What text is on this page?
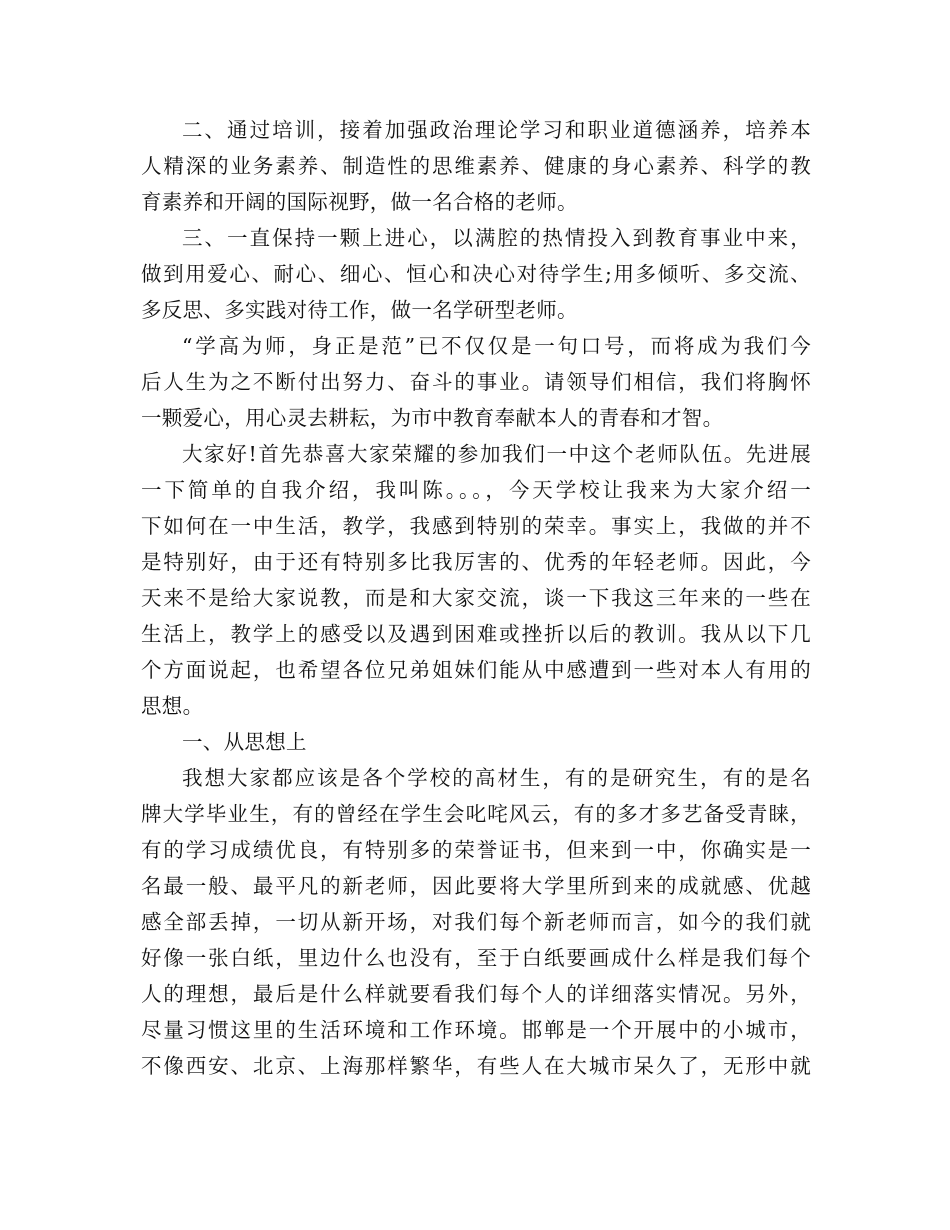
二、通过培训，接着加强政治理论学习和职业道德涵养，培养本
人精深的业务素养、制造性的思维素养、健康的身心素养、科学的教
育素养和开阔的国际视野，做一名合格的老师。
三、一直保持一颗上进心，以满腔的热情投入到教育事业中来，
做到用爱心、耐心、细心、恒心和决心对待学生;用多倾听、多交流、
多反思、多实践对待工作，做一名学研型老师。
“学高为师，身正是范”已不仅仅是一句口号，而将成为我们今
后人生为之不断付出努力、奋斗的事业。请领导们相信，我们将胸怀
一颗爱心，用心灵去耕耘，为市中教育奉献本人的青春和才智。
大家好!首先恭喜大家荣耀的参加我们一中这个老师队伍。先进展
一下简单的自我介绍，我叫陈。。。，今天学校让我来为大家介绍一
下如何在一中生活，教学，我感到特别的荣幸。事实上，我做的并不
是特别好，由于还有特别多比我厉害的、优秀的年轻老师。因此，今
天来不是给大家说教，而是和大家交流，谈一下我这三年来的一些在
生活上，教学上的感受以及遇到困难或挫折以后的教训。我从以下几
个方面说起，也希望各位兄弟姐妹们能从中感遭到一些对本人有用的
思想。
一、从思想上
我想大家都应该是各个学校的高材生，有的是研究生，有的是名
牌大学毕业生，有的曾经在学生会叱咤风云，有的多才多艺备受青睐，
有的学习成绩优良，有特别多的荣誉证书，但来到一中，你确实是一
名最一般、最平凡的新老师，因此要将大学里所到来的成就感、优越
感全部丢掉，一切从新开场，对我们每个新老师而言，如今的我们就
好像一张白纸，里边什么也没有，至于白纸要画成什么样是我们每个
人的理想，最后是什么样就要看我们每个人的详细落实情况。另外，
尽量习惯这里的生活环境和工作环境。邯郸是一个开展中的小城市，
不像西安、北京、上海那样繁华，有些人在大城市呆久了，无形中就
